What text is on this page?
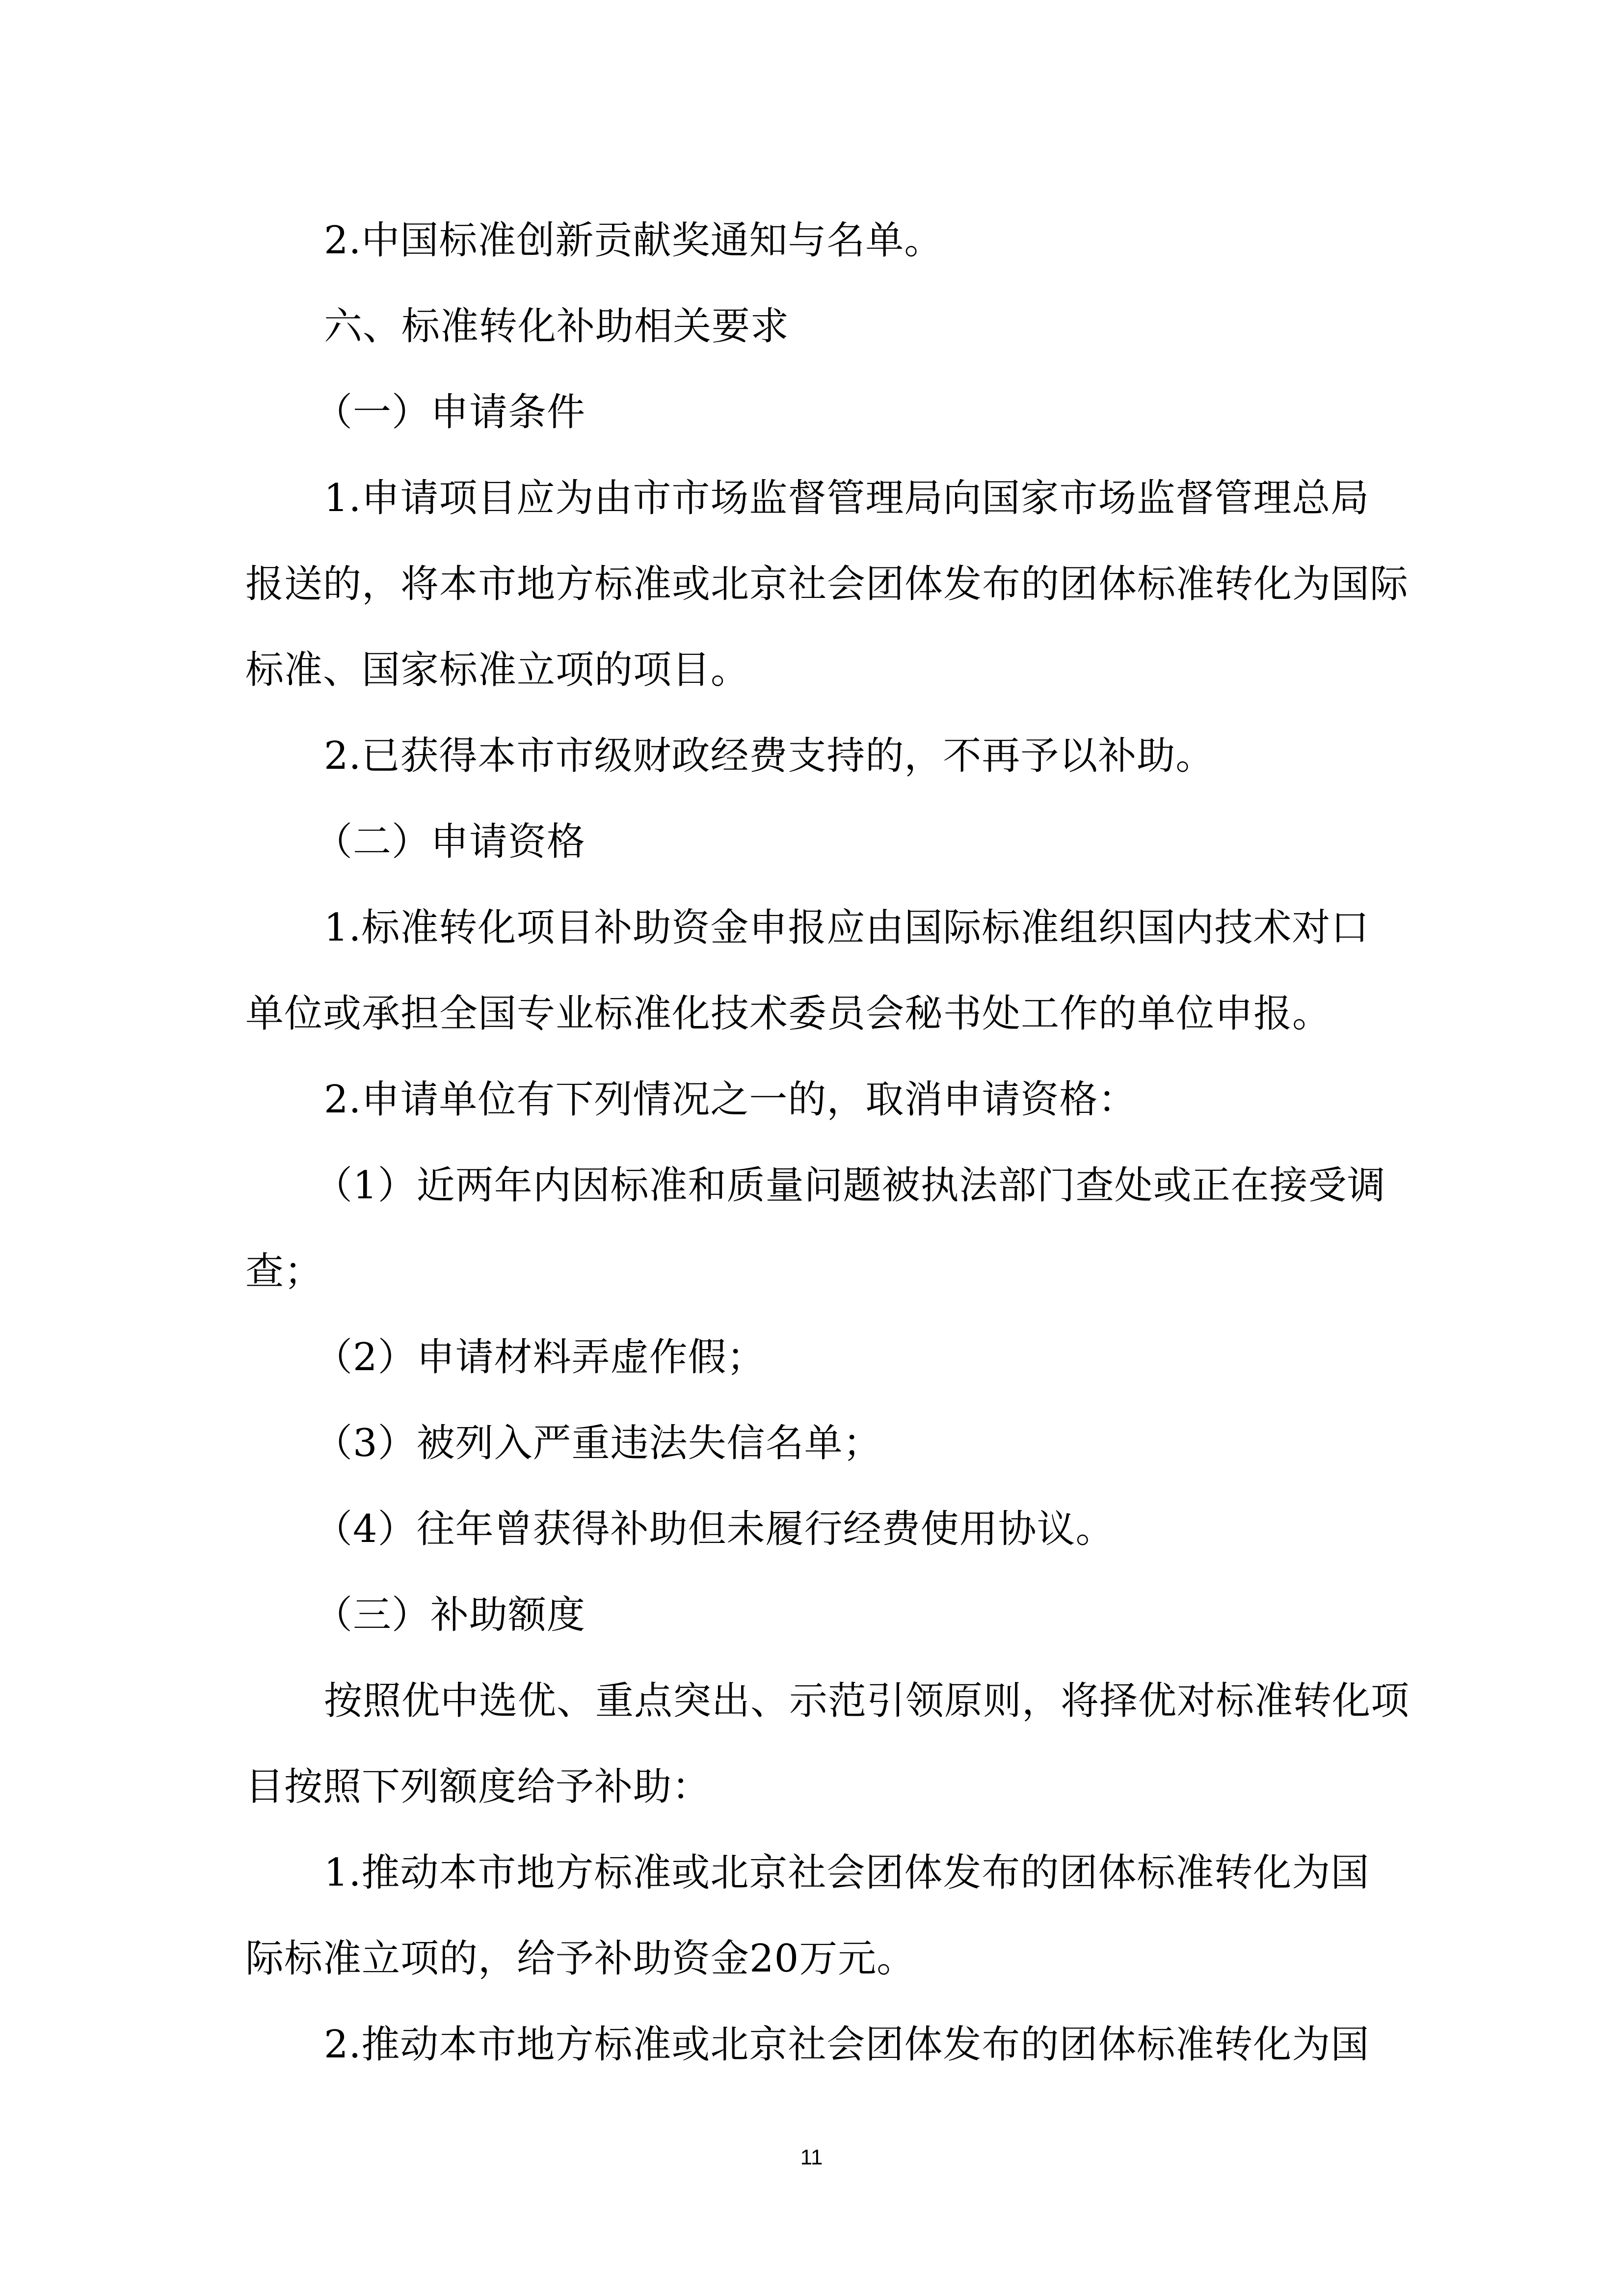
2.中国标准创新贡献奖通知与名单。
六、标准转化补助相关要求
（一）申请条件
1.申请项目应为由市市场监督管理局向国家市场监督管理总局
报送的，将本市地方标准或北京社会团体发布的团体标准转化为国际
标准、国家标准立项的项目。
2.已获得本市市级财政经费支持的，不再予以补助。
（二）申请资格
1.标准转化项目补助资金申报应由国际标准组织国内技术对口
单位或承担全国专业标准化技术委员会秘书处工作的单位申报。
2.申请单位有下列情况之一的，取消申请资格：
（1）近两年内因标准和质量问题被执法部门查处或正在接受调
查；
（2）申请材料弄虚作假；
（3）被列入严重违法失信名单；
（4）往年曾获得补助但未履行经费使用协议。
（三）补助额度
按照优中选优、重点突出、示范引领原则，将择优对标准转化项
目按照下列额度给予补助：
1.推动本市地方标准或北京社会团体发布的团体标准转化为国
际标准立项的，给予补助资金20万元。
2.推动本市地方标准或北京社会团体发布的团体标准转化为国
11
